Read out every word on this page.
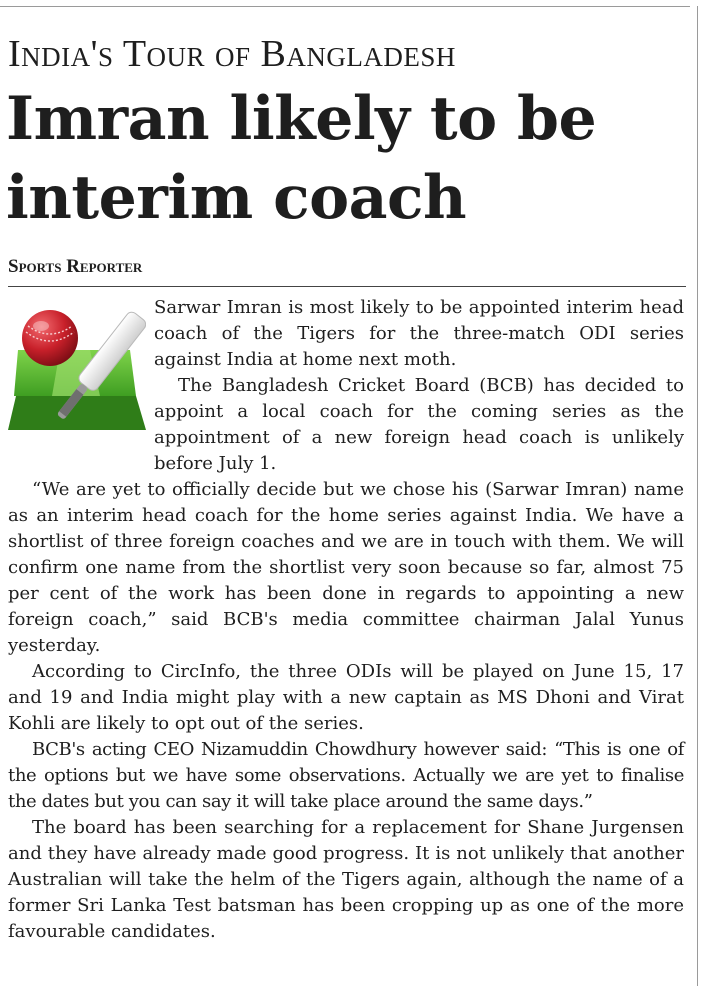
India's Tour of Bangladesh
Imran likely to be interim coach
Sports Reporter

Sarwar Imran is most likely to be appointed interim head coach of the Tigers for the three-match ODI series against India at home next moth.

The Bangladesh Cricket Board (BCB) has decided to appoint a local coach for the coming series as the appointment of a new foreign head coach is unlikely before July 1.

“We are yet to officially decide but we chose his (Sarwar Imran) name as an interim head coach for the home series against India. We have a shortlist of three foreign coaches and we are in touch with them. We will confirm one name from the shortlist very soon because so far, almost 75 per cent of the work has been done in regards to appointing a new foreign coach,” said BCB's media committee chairman Jalal Yunus yesterday.

According to CircInfo, the three ODIs will be played on June 15, 17 and 19 and India might play with a new captain as MS Dhoni and Virat Kohli are likely to opt out of the series.

BCB's acting CEO Nizamuddin Chowdhury however said: “This is one of the options but we have some observations. Actually we are yet to finalise the dates but you can say it will take place around the same days.”

The board has been searching for a replacement for Shane Jurgensen and they have already made good progress. It is not unlikely that another Australian will take the helm of the Tigers again, although the name of a former Sri Lanka Test batsman has been cropping up as one of the more favourable candidates.
